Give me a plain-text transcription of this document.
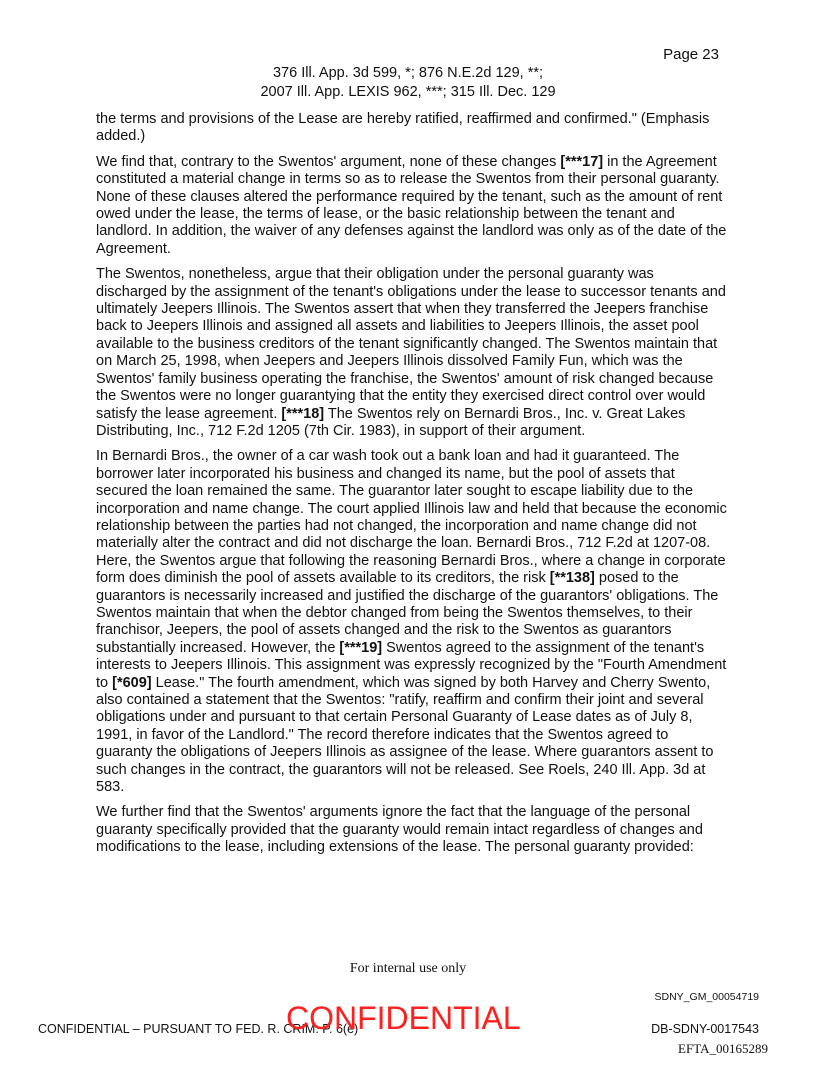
Page 23
376 Ill. App. 3d 599, *; 876 N.E.2d 129, **;
2007 Ill. App. LEXIS 962, ***; 315 Ill. Dec. 129

the terms and provisions of the Lease are hereby ratified, reaffirmed and confirmed." (Emphasis added.)

We find that, contrary to the Swentos' argument, none of these changes [***17] in the Agreement constituted a material change in terms so as to release the Swentos from their personal guaranty. None of these clauses altered the performance required by the tenant, such as the amount of rent owed under the lease, the terms of lease, or the basic relationship between the tenant and landlord. In addition, the waiver of any defenses against the landlord was only as of the date of the Agreement.

The Swentos, nonetheless, argue that their obligation under the personal guaranty was discharged by the assignment of the tenant's obligations under the lease to successor tenants and ultimately Jeepers Illinois. The Swentos assert that when they transferred the Jeepers franchise back to Jeepers Illinois and assigned all assets and liabilities to Jeepers Illinois, the asset pool available to the business creditors of the tenant significantly changed. The Swentos maintain that on March 25, 1998, when Jeepers and Jeepers Illinois dissolved Family Fun, which was the Swentos' family business operating the franchise, the Swentos' amount of risk changed because the Swentos were no longer guarantying that the entity they exercised direct control over would satisfy the lease agreement. [***18] The Swentos rely on Bernardi Bros., Inc. v. Great Lakes Distributing, Inc., 712 F.2d 1205 (7th Cir. 1983), in support of their argument.

In Bernardi Bros., the owner of a car wash took out a bank loan and had it guaranteed. The borrower later incorporated his business and changed its name, but the pool of assets that secured the loan remained the same. The guarantor later sought to escape liability due to the incorporation and name change. The court applied Illinois law and held that because the economic relationship between the parties had not changed, the incorporation and name change did not materially alter the contract and did not discharge the loan. Bernardi Bros., 712 F.2d at 1207-08. Here, the Swentos argue that following the reasoning Bernardi Bros., where a change in corporate form does diminish the pool of assets available to its creditors, the risk [**138] posed to the guarantors is necessarily increased and justified the discharge of the guarantors' obligations. The Swentos maintain that when the debtor changed from being the Swentos themselves, to their franchisor, Jeepers, the pool of assets changed and the risk to the Swentos as guarantors substantially increased. However, the [***19] Swentos agreed to the assignment of the tenant's interests to Jeepers Illinois. This assignment was expressly recognized by the "Fourth Amendment to [*609] Lease." The fourth amendment, which was signed by both Harvey and Cherry Swento, also contained a statement that the Swentos: "ratify, reaffirm and confirm their joint and several obligations under and pursuant to that certain Personal Guaranty of Lease dates as of July 8, 1991, in favor of the Landlord." The record therefore indicates that the Swentos agreed to guaranty the obligations of Jeepers Illinois as assignee of the lease. Where guarantors assent to such changes in the contract, the guarantors will not be released. See Roels, 240 Ill. App. 3d at 583.

We further find that the Swentos' arguments ignore the fact that the language of the personal guaranty specifically provided that the guaranty would remain intact regardless of changes and modifications to the lease, including extensions of the lease. The personal guaranty provided:

For internal use only
SDNY_GM_00054719
CONFIDENTIAL – PURSUANT TO FED. R. CRIM. P. 6(e)
CONFIDENTIAL	DB-SDNY-0017543
EFTA_00165289
